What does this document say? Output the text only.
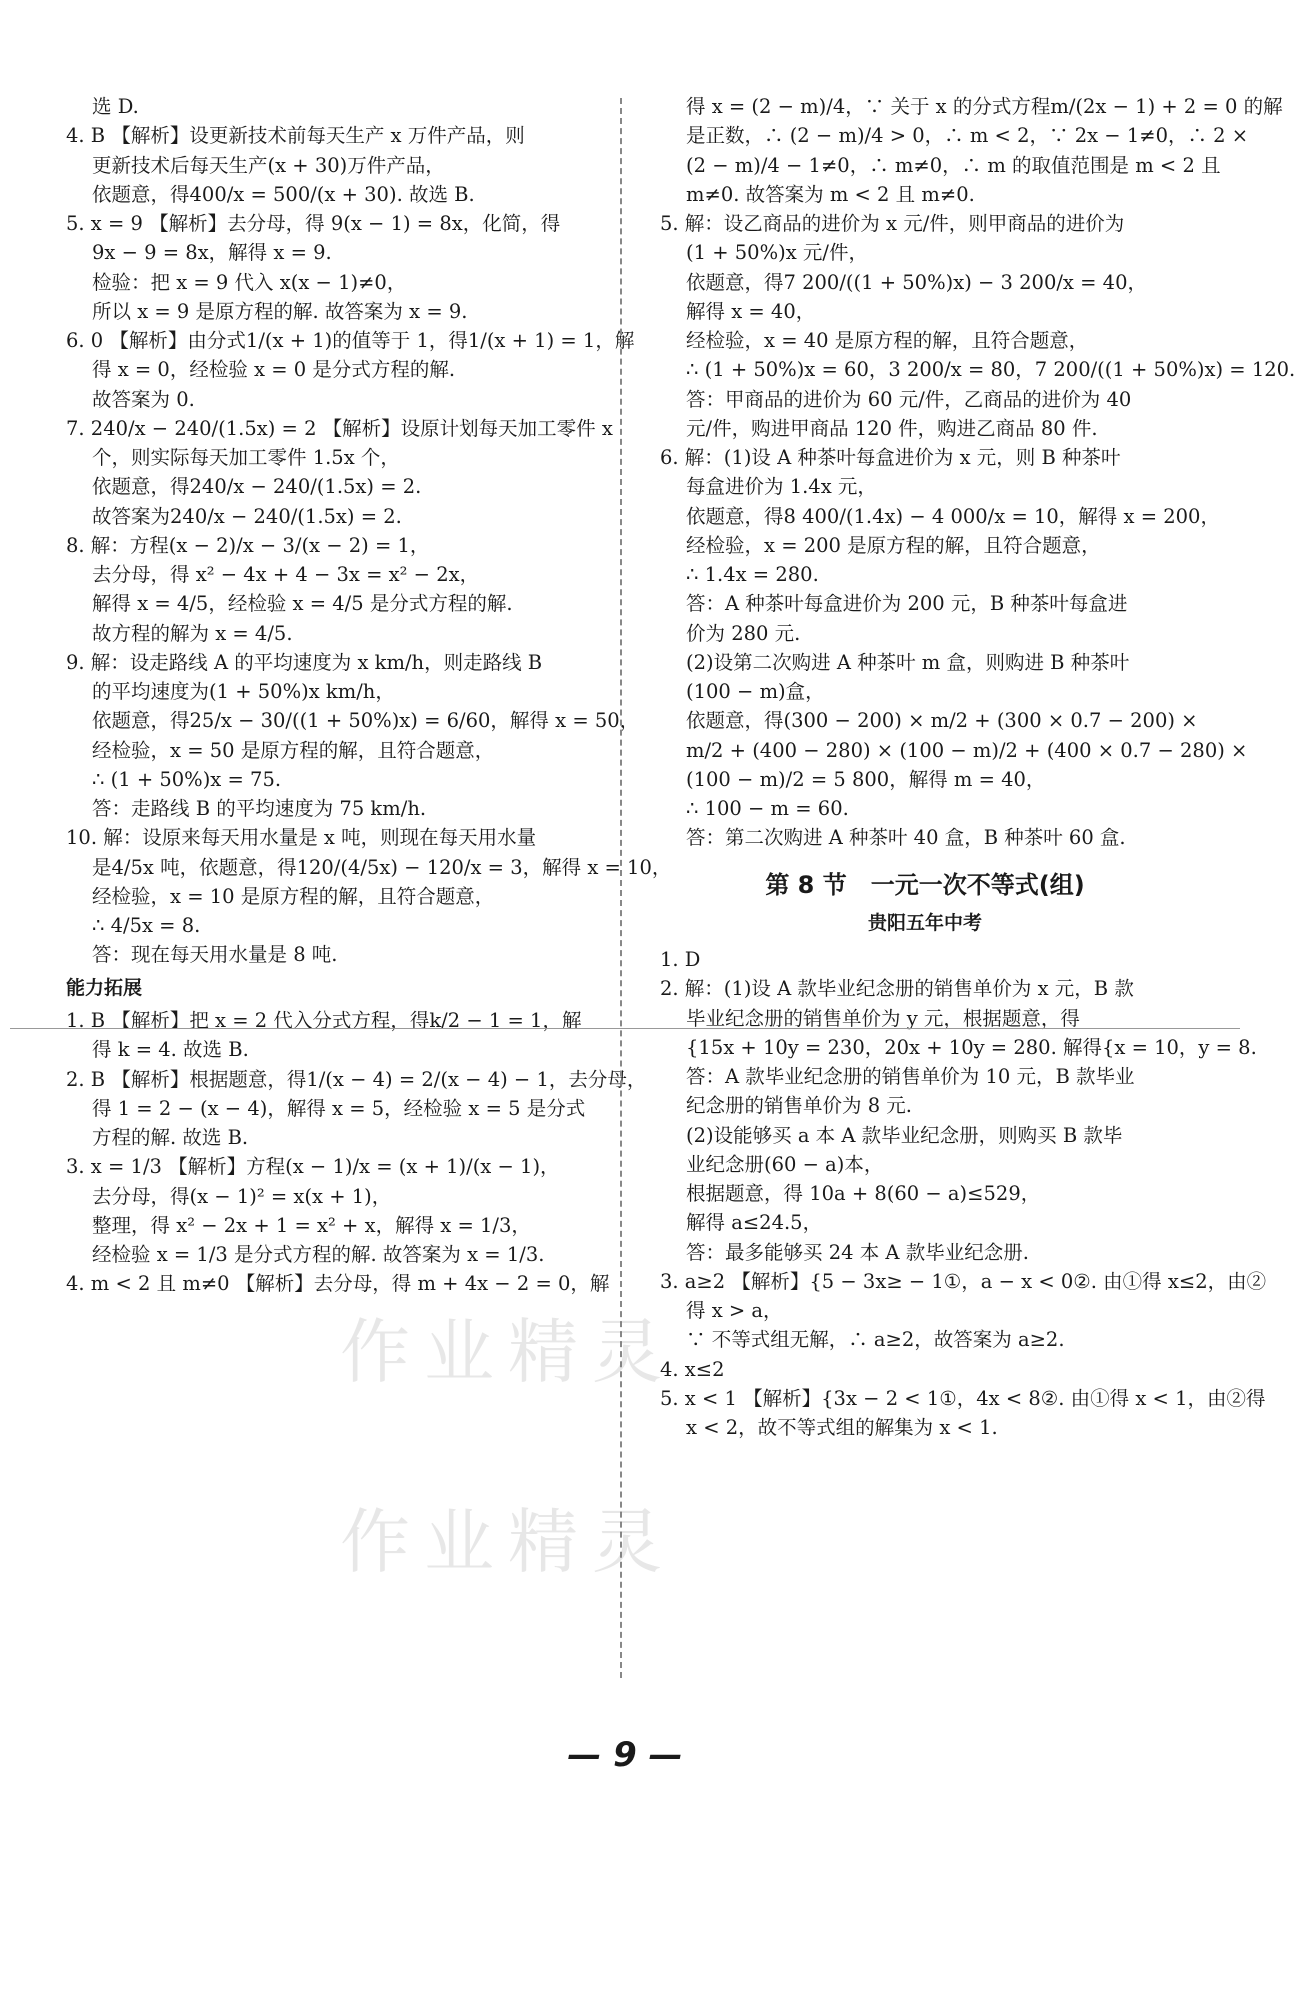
选 D.

4. B 【解析】设更新技术前每天生产 x 万件产品，则

更新技术后每天生产(x + 30)万件产品，

依题意，得400/x = 500/(x + 30). 故选 B.

5. x = 9 【解析】去分母，得 9(x − 1) = 8x，化简，得

9x − 9 = 8x，解得 x = 9.

检验：把 x = 9 代入 x(x − 1)≠0，

所以 x = 9 是原方程的解. 故答案为 x = 9.

6. 0 【解析】由分式1/(x + 1)的值等于 1，得1/(x + 1) = 1，解

得 x = 0，经检验 x = 0 是分式方程的解.

故答案为 0.

7. 240/x − 240/(1.5x) = 2 【解析】设原计划每天加工零件 x

个，则实际每天加工零件 1.5x 个，

依题意，得240/x − 240/(1.5x) = 2.

故答案为240/x − 240/(1.5x) = 2.

8. 解：方程(x − 2)/x − 3/(x − 2) = 1，

去分母，得 x² − 4x + 4 − 3x = x² − 2x，

解得 x = 4/5，经检验 x = 4/5 是分式方程的解.

故方程的解为 x = 4/5.

9. 解：设走路线 A 的平均速度为 x km/h，则走路线 B

的平均速度为(1 + 50%)x km/h，

依题意，得25/x − 30/((1 + 50%)x) = 6/60，解得 x = 50，

经检验，x = 50 是原方程的解，且符合题意，

∴ (1 + 50%)x = 75.

答：走路线 B 的平均速度为 75 km/h.

10. 解：设原来每天用水量是 x 吨，则现在每天用水量

是4/5x 吨，依题意，得120/(4/5x) − 120/x = 3，解得 x = 10，

经检验，x = 10 是原方程的解，且符合题意，

∴ 4/5x = 8.

答：现在每天用水量是 8 吨.

能力拓展

1. B 【解析】把 x = 2 代入分式方程，得k/2 − 1 = 1，解

得 k = 4. 故选 B.

2. B 【解析】根据题意，得1/(x − 4) = 2/(x − 4) − 1，去分母，

得 1 = 2 − (x − 4)，解得 x = 5，经检验 x = 5 是分式

方程的解. 故选 B.

3. x = 1/3 【解析】方程(x − 1)/x = (x + 1)/(x − 1)，

去分母，得(x − 1)² = x(x + 1)，

整理，得 x² − 2x + 1 = x² + x，解得 x = 1/3，

经检验 x = 1/3 是分式方程的解. 故答案为 x = 1/3.

4. m < 2 且 m≠0 【解析】去分母，得 m + 4x − 2 = 0，解

得 x = (2 − m)/4，∵ 关于 x 的分式方程m/(2x − 1) + 2 = 0 的解

是正数，∴ (2 − m)/4 > 0，∴ m < 2，∵ 2x − 1≠0，∴ 2 ×

(2 − m)/4 − 1≠0，∴ m≠0，∴ m 的取值范围是 m < 2 且

m≠0. 故答案为 m < 2 且 m≠0.

5. 解：设乙商品的进价为 x 元/件，则甲商品的进价为

(1 + 50%)x 元/件，

依题意，得7 200/((1 + 50%)x) − 3 200/x = 40，

解得 x = 40，

经检验，x = 40 是原方程的解，且符合题意，

∴ (1 + 50%)x = 60，3 200/x = 80，7 200/((1 + 50%)x) = 120.

答：甲商品的进价为 60 元/件，乙商品的进价为 40

元/件，购进甲商品 120 件，购进乙商品 80 件.

6. 解：(1)设 A 种茶叶每盒进价为 x 元，则 B 种茶叶

每盒进价为 1.4x 元，

依题意，得8 400/(1.4x) − 4 000/x = 10，解得 x = 200，

经检验，x = 200 是原方程的解，且符合题意，

∴ 1.4x = 280.

答：A 种茶叶每盒进价为 200 元，B 种茶叶每盒进

价为 280 元.

(2)设第二次购进 A 种茶叶 m 盒，则购进 B 种茶叶

(100 − m)盒，

依题意，得(300 − 200) × m/2 + (300 × 0.7 − 200) ×

m/2 + (400 − 280) × (100 − m)/2 + (400 × 0.7 − 280) ×

(100 − m)/2 = 5 800，解得 m = 40，

∴ 100 − m = 60.

答：第二次购进 A 种茶叶 40 盒，B 种茶叶 60 盒.

第 8 节　一元一次不等式(组)

贵阳五年中考

1. D

2. 解：(1)设 A 款毕业纪念册的销售单价为 x 元，B 款

毕业纪念册的销售单价为 y 元，根据题意，得

{15x + 10y = 230，20x + 10y = 280. 解得{x = 10，y = 8.

答：A 款毕业纪念册的销售单价为 10 元，B 款毕业

纪念册的销售单价为 8 元.

(2)设能够买 a 本 A 款毕业纪念册，则购买 B 款毕

业纪念册(60 − a)本，

根据题意，得 10a + 8(60 − a)≤529，

解得 a≤24.5，

答：最多能够买 24 本 A 款毕业纪念册.

3. a≥2 【解析】{5 − 3x≥ − 1①，a − x < 0②. 由①得 x≤2，由②

得 x > a，

∵ 不等式组无解，∴ a≥2，故答案为 a≥2.

4. x≤2

5. x < 1 【解析】{3x − 2 < 1①，4x < 8②. 由①得 x < 1，由②得

x < 2，故不等式组的解集为 x < 1.

作业精灵
作业精灵
— 9 —
